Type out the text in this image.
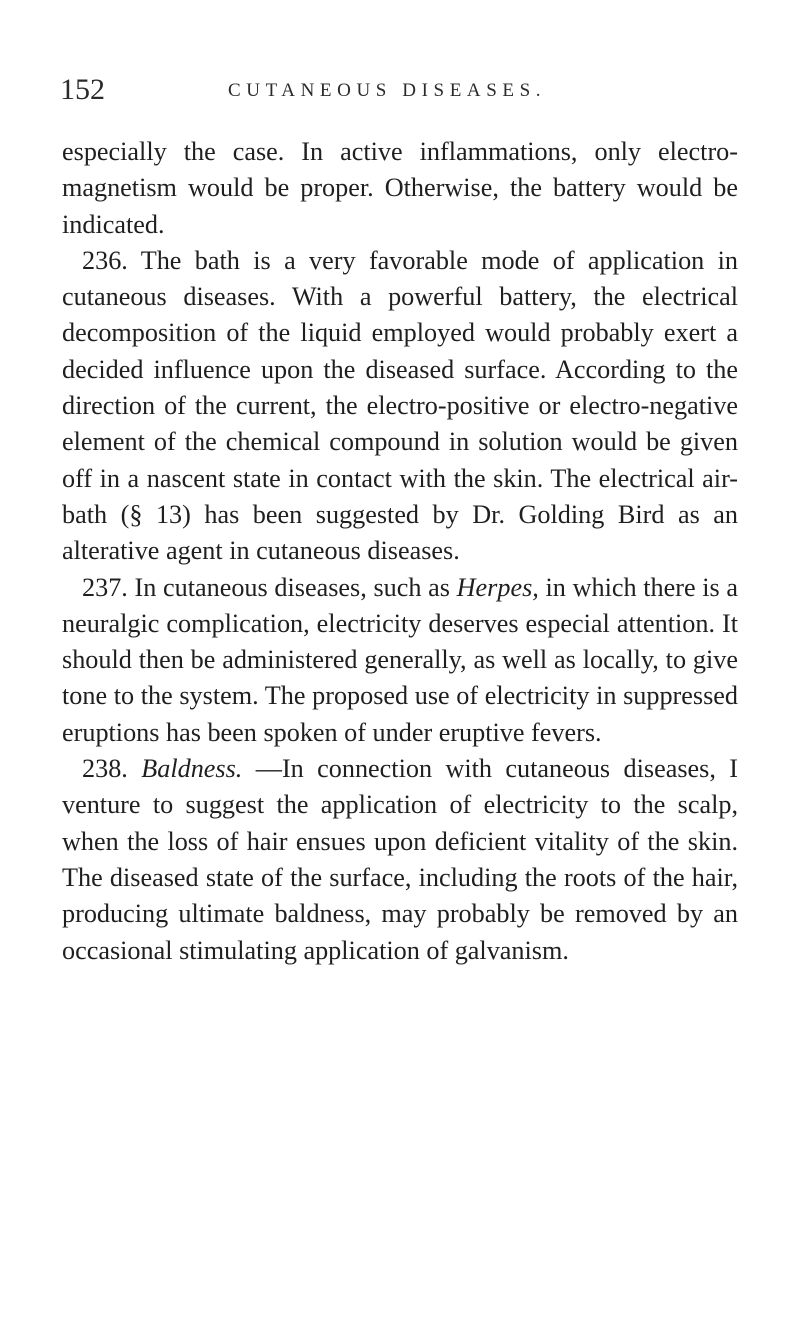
152	CUTANEOUS DISEASES.

especially the case. In active inflammations, only electro-magnetism would be proper. Otherwise, the battery would be indicated.

236. The bath is a very favorable mode of application in cutaneous diseases. With a powerful battery, the electrical decomposition of the liquid employed would probably exert a decided influence upon the diseased surface. According to the direction of the current, the electro-positive or electro-negative element of the chemical compound in solution would be given off in a nascent state in contact with the skin. The electrical air-bath (§ 13) has been suggested by Dr. Golding Bird as an alterative agent in cutaneous diseases.

237. In cutaneous diseases, such as Herpes, in which there is a neuralgic complication, electricity deserves especial attention. It should then be administered generally, as well as locally, to give tone to the system. The proposed use of electricity in suppressed eruptions has been spoken of under eruptive fevers.

238. Baldness. —In connection with cutaneous diseases, I venture to suggest the application of electricity to the scalp, when the loss of hair ensues upon deficient vitality of the skin. The diseased state of the surface, including the roots of the hair, producing ultimate baldness, may probably be removed by an occasional stimulating application of galvanism.
